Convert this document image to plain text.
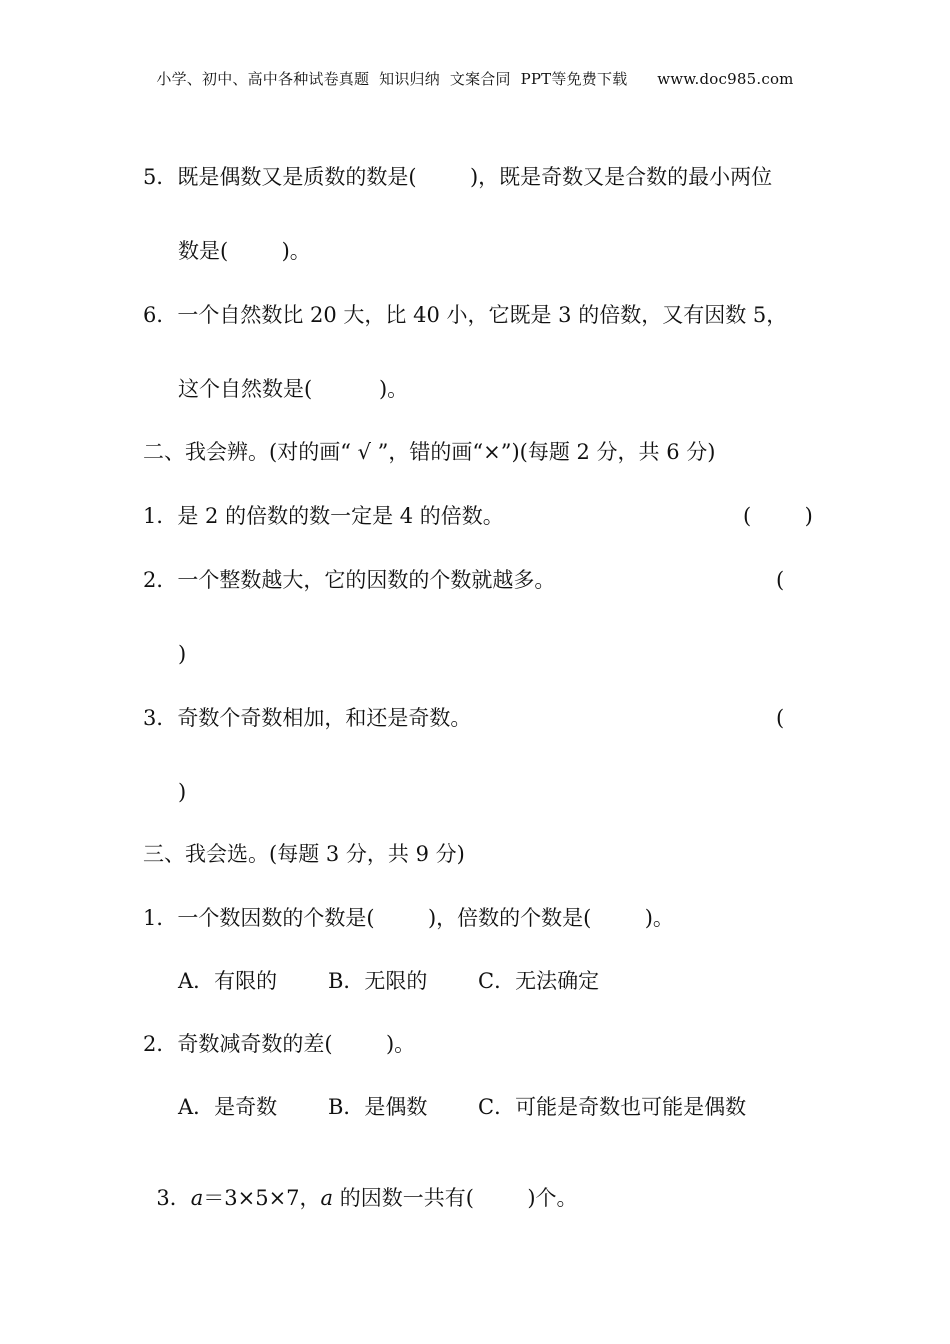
小学、初中、高中各种试卷真题  知识归纳  文案合同  PPT等免费下载      www.doc985.com
5．既是偶数又是质数的数是(        )，既是奇数又是合数的最小两位
数是(        )。
6．一个自然数比 20 大，比 40 小，它既是 3 的倍数，又有因数 5，
这个自然数是(          )。
二、我会辨。(对的画“ √ ”，错的画“×”)(每题 2 分，共 6 分)
1．是 2 的倍数的数一定是 4 的倍数。	(        )
2．一个整数越大，它的因数的个数就越多。	(
)
3．奇数个奇数相加，和还是奇数。	(
)
三、我会选。(每题 3 分，共 9 分)
1．一个数因数的个数是(        )，倍数的个数是(        )。
A．有限的 B．无限的 C．无法确定
2．奇数减奇数的差(        )。
A．是奇数 B．是偶数 C．可能是奇数也可能是偶数

3．a＝3×5×7，a 的因数一共有(        )个。
